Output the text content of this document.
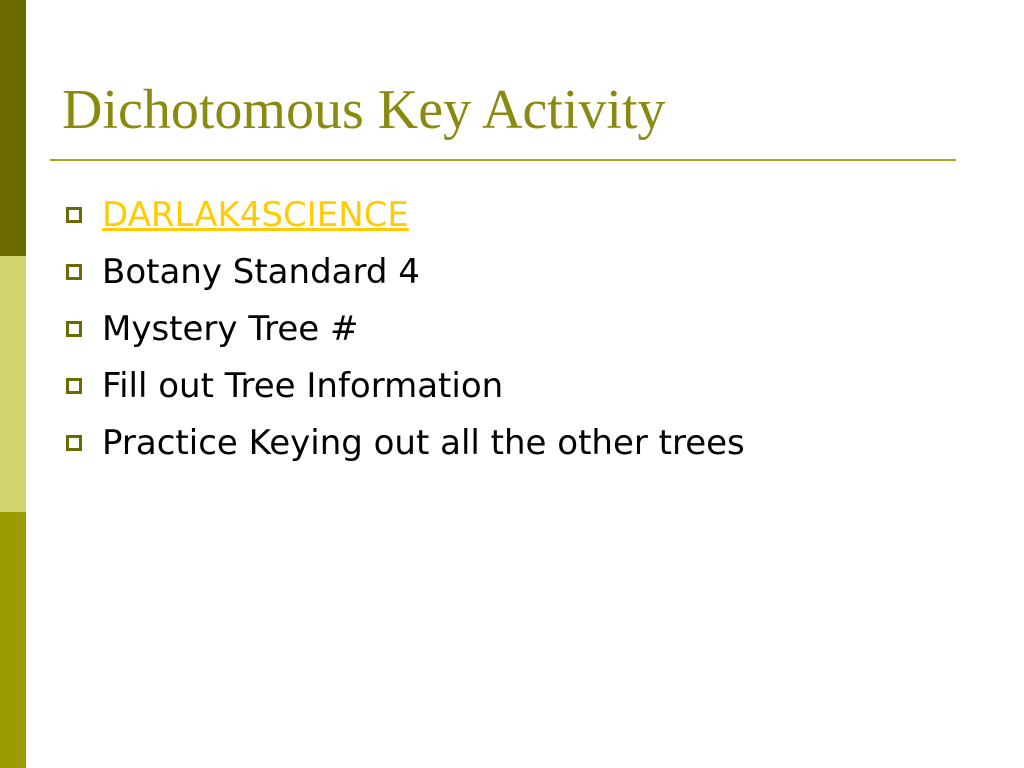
Dichotomous Key Activity
DARLAK4SCIENCE
Botany Standard 4
Mystery Tree #
Fill out Tree Information
Practice Keying out all the other trees
